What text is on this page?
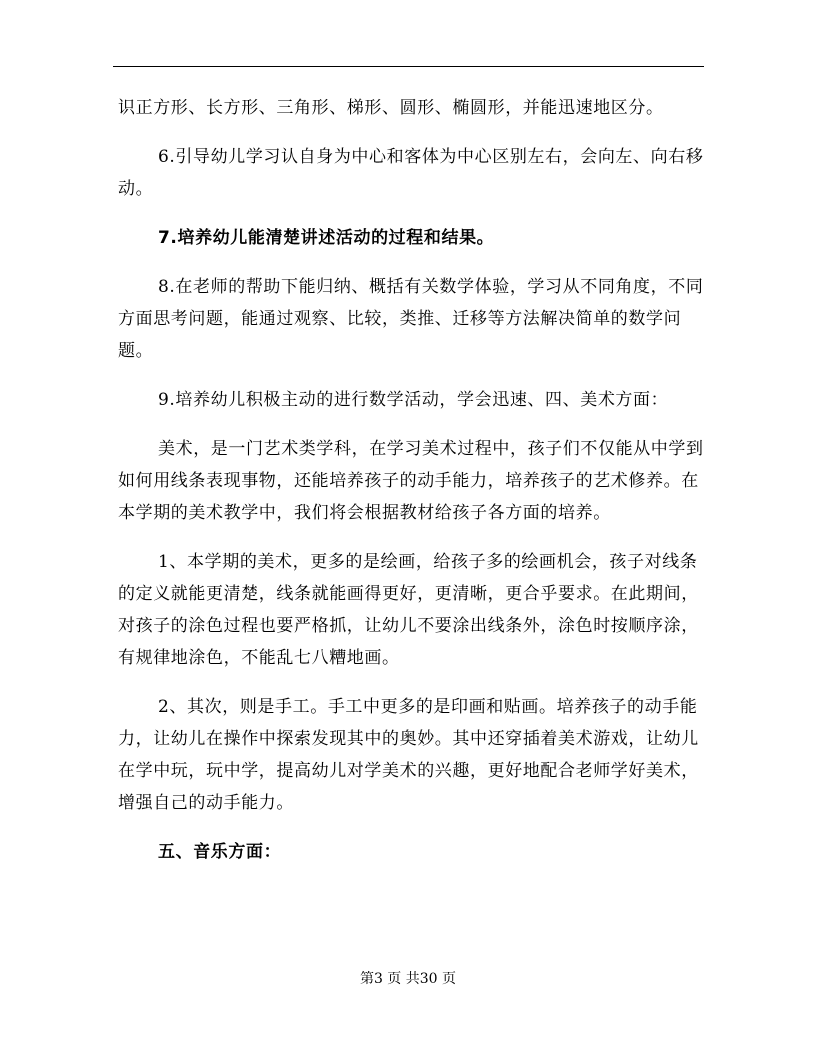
识正方形、长方形、三角形、梯形、圆形、椭圆形，并能迅速地区分。

6.引导幼儿学习认自身为中心和客体为中心区别左右，会向左、向右移动。

7.培养幼儿能清楚讲述活动的过程和结果。

8.在老师的帮助下能归纳、概括有关数学体验，学习从不同角度，不同方面思考问题，能通过观察、比较，类推、迁移等方法解决简单的数学问题。

9.培养幼儿积极主动的进行数学活动，学会迅速、四、美术方面：

美术，是一门艺术类学科，在学习美术过程中，孩子们不仅能从中学到如何用线条表现事物，还能培养孩子的动手能力，培养孩子的艺术修养。在本学期的美术教学中，我们将会根据教材给孩子各方面的培养。

1、本学期的美术，更多的是绘画，给孩子多的绘画机会，孩子对线条的定义就能更清楚，线条就能画得更好，更清晰，更合乎要求。在此期间，对孩子的涂色过程也要严格抓，让幼儿不要涂出线条外，涂色时按顺序涂，有规律地涂色，不能乱七八糟地画。

2、其次，则是手工。手工中更多的是印画和贴画。培养孩子的动手能力，让幼儿在操作中探索发现其中的奥妙。其中还穿插着美术游戏，让幼儿在学中玩，玩中学，提高幼儿对学美术的兴趣，更好地配合老师学好美术，增强自己的动手能力。

五、音乐方面：

第3 页 共30 页
